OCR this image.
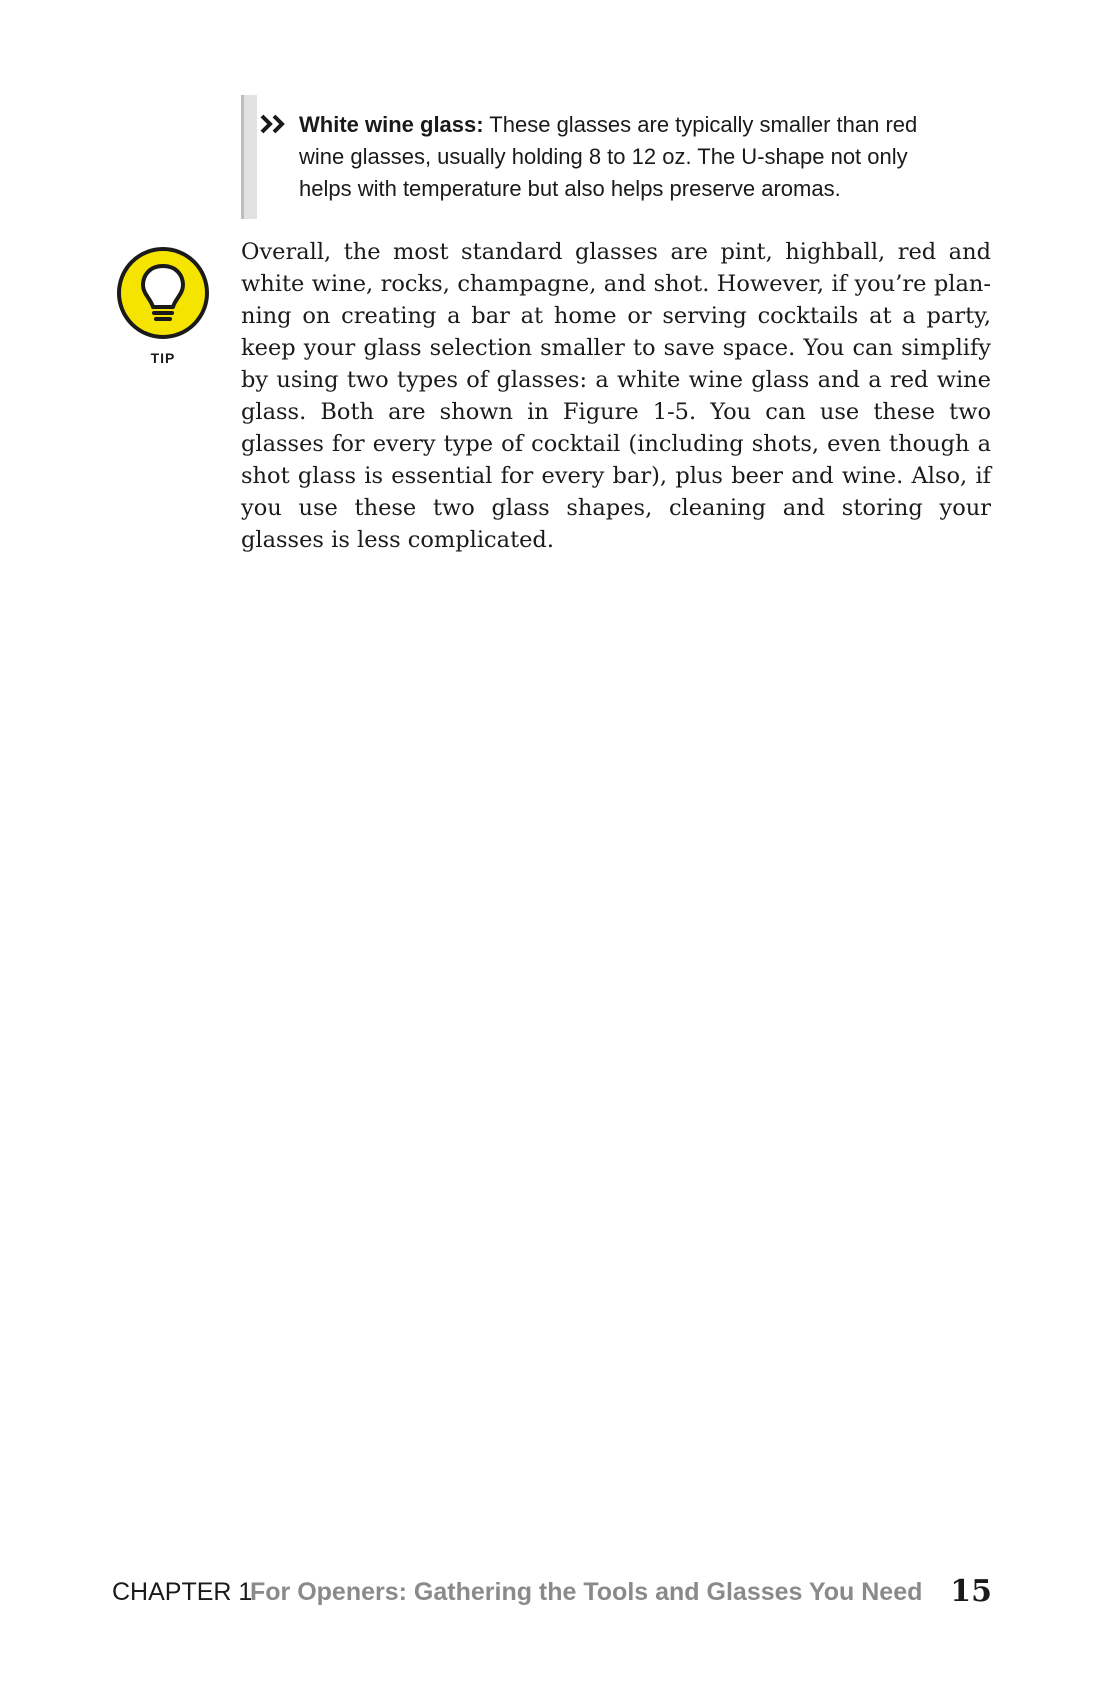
White wine glass: These glasses are typically smaller than red wine glasses, usually holding 8 to 12 oz. The U-shape not only helps with temperature but also helps preserve aromas.
TIP

Overall, the most standard glasses are pint, highball, red and white wine, rocks, champagne, and shot. However, if you’re plan-ning on creating a bar at home or serving cocktails at a party, keep your glass selection smaller to save space. You can simplify by using two types of glasses: a white wine glass and a red wine glass. Both are shown in Figure 1-5. You can use these two glasses for every type of cocktail (including shots, even though a shot glass is essential for every bar), plus beer and wine. Also, if you use these two glass shapes, cleaning and storing your glasses is less complicated.

CHAPTER 1
For Openers: Gathering the Tools and Glasses You Need 15
